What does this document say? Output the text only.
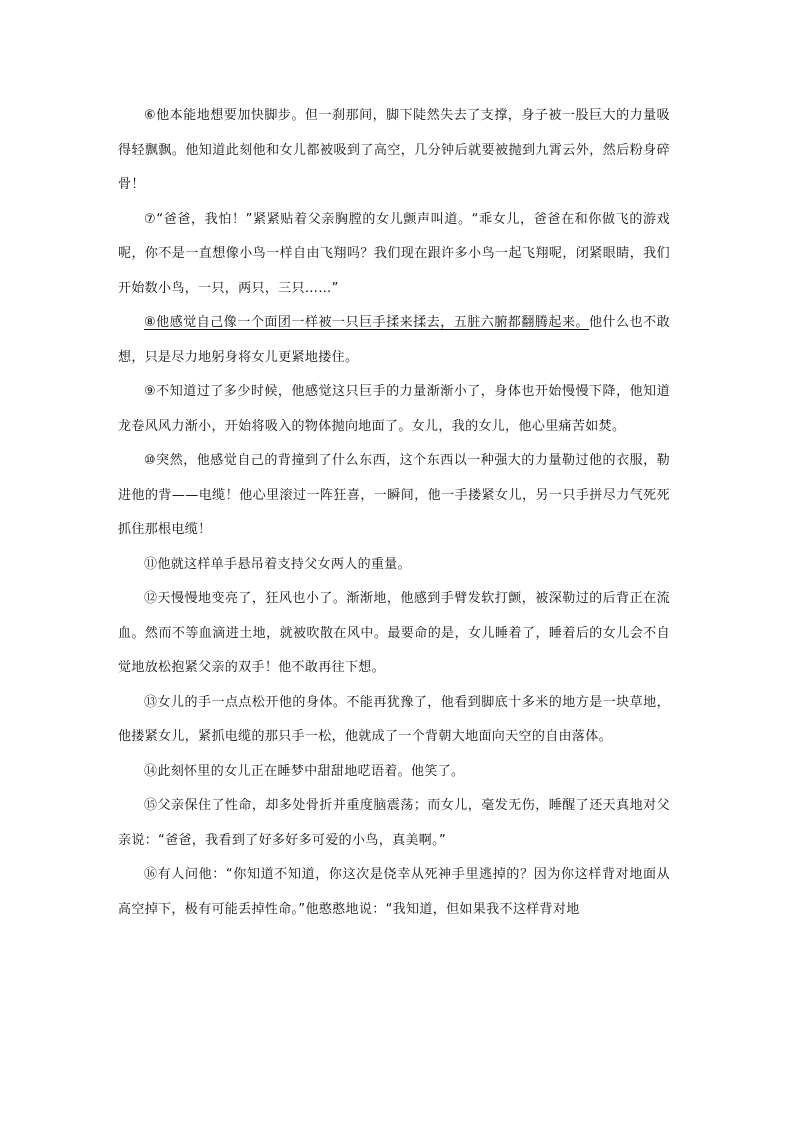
⑥他本能地想要加快脚步。但一刹那间，脚下陡然失去了支撑，身子被一股巨大的力量吸得轻飘飘。他知道此刻他和女儿都被吸到了高空，几分钟后就要被抛到九霄云外，然后粉身碎骨！

⑦“爸爸，我怕！”紧紧贴着父亲胸膛的女儿颤声叫道。“乖女儿，爸爸在和你做飞的游戏呢，你不是一直想像小鸟一样自由飞翔吗？我们现在跟许多小鸟一起飞翔呢，闭紧眼睛，我们开始数小鸟，一只，两只，三只……”

⑧他感觉自己像一个面团一样被一只巨手揉来揉去，五脏六腑都翻腾起来。他什么也不敢想，只是尽力地躬身将女儿更紧地搂住。

⑨不知道过了多少时候，他感觉这只巨手的力量渐渐小了，身体也开始慢慢下降，他知道龙卷风风力渐小，开始将吸入的物体抛向地面了。女儿，我的女儿，他心里痛苦如焚。

⑩突然，他感觉自己的背撞到了什么东西，这个东西以一种强大的力量勒过他的衣服，勒进他的背——电缆！他心里滚过一阵狂喜，一瞬间，他一手搂紧女儿，另一只手拼尽力气死死抓住那根电缆！

⑪他就这样单手悬吊着支持父女两人的重量。

⑫天慢慢地变亮了，狂风也小了。渐渐地，他感到手臂发软打颤，被深勒过的后背正在流血。然而不等血滴进土地，就被吹散在风中。最要命的是，女儿睡着了，睡着后的女儿会不自觉地放松抱紧父亲的双手！他不敢再往下想。

⑬女儿的手一点点松开他的身体。不能再犹豫了，他看到脚底十多米的地方是一块草地，他搂紧女儿，紧抓电缆的那只手一松，他就成了一个背朝大地面向天空的自由落体。

⑭此刻怀里的女儿正在睡梦中甜甜地呓语着。他笑了。

⑮父亲保住了性命，却多处骨折并重度脑震荡；而女儿，毫发无伤，睡醒了还天真地对父亲说：“爸爸，我看到了好多好多可爱的小鸟，真美啊。”

⑯有人问他：“你知道不知道，你这次是侥幸从死神手里逃掉的？因为你这样背对地面从高空掉下，极有可能丢掉性命。”他憨憨地说：“我知道，但如果我不这样背对地
